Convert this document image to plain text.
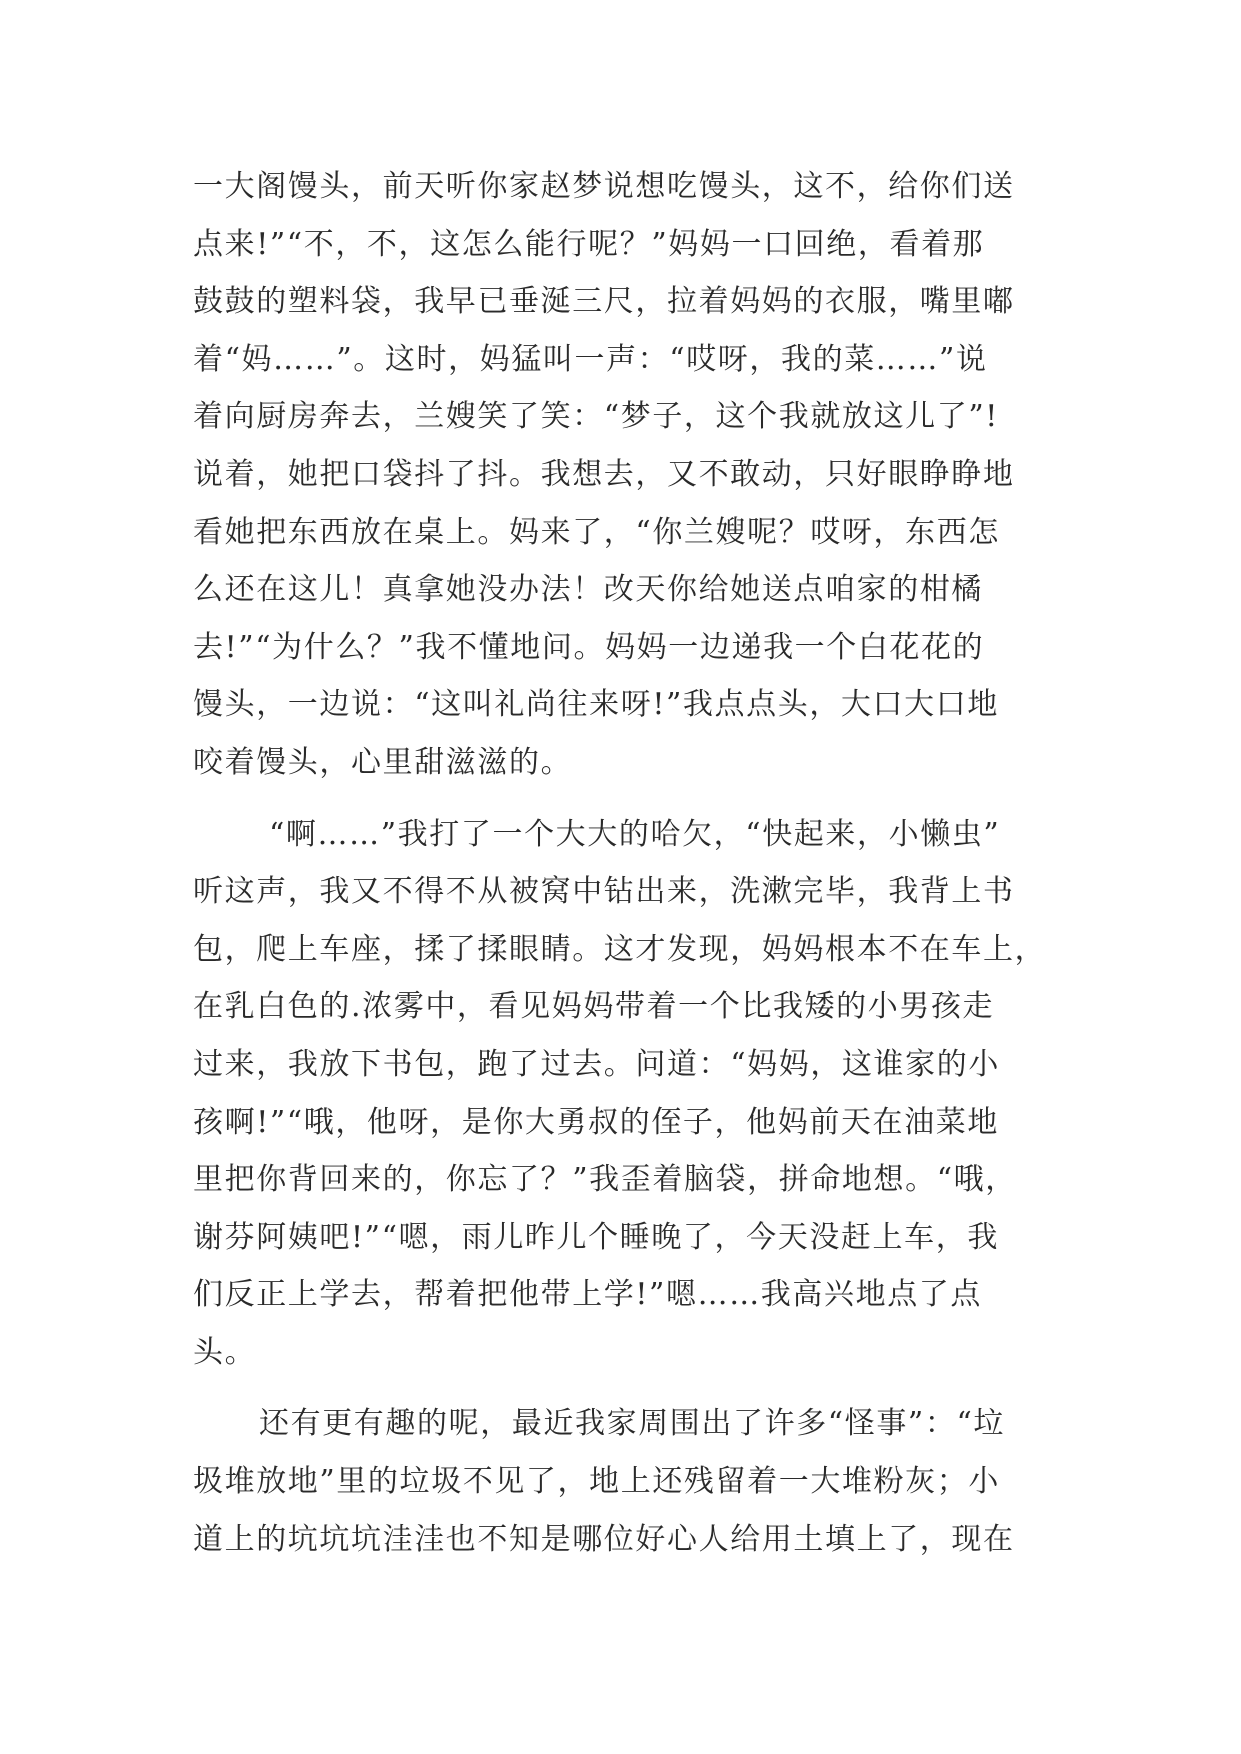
一大阁馒头，前天听你家赵梦说想吃馒头，这不，给你们送
点来!”“不，不，这怎么能行呢？”妈妈一口回绝，看着那
鼓鼓的塑料袋，我早已垂涎三尺，拉着妈妈的衣服，嘴里嘟
着“妈……”。这时，妈猛叫一声：“哎呀，我的菜……”说
着向厨房奔去，兰嫂笑了笑：“梦子，这个我就放这儿了”!
说着，她把口袋抖了抖。我想去，又不敢动，只好眼睁睁地
看她把东西放在桌上。妈来了，“你兰嫂呢？哎呀，东西怎
么还在这儿！真拿她没办法！改天你给她送点咱家的柑橘
去!”“为什么？”我不懂地问。妈妈一边递我一个白花花的
馒头，一边说：“这叫礼尚往来呀!”我点点头，大口大口地
咬着馒头，心里甜滋滋的。

“啊……”我打了一个大大的哈欠，“快起来，小懒虫”
听这声，我又不得不从被窝中钻出来，洗漱完毕，我背上书
包，爬上车座，揉了揉眼睛。这才发现，妈妈根本不在车上，
在乳白色的.浓雾中，看见妈妈带着一个比我矮的小男孩走
过来，我放下书包，跑了过去。问道：“妈妈，这谁家的小
孩啊!”“哦，他呀，是你大勇叔的侄子，他妈前天在油菜地
里把你背回来的，你忘了？”我歪着脑袋，拼命地想。“哦，
谢芬阿姨吧!”“嗯，雨儿昨儿个睡晚了，今天没赶上车，我
们反正上学去，帮着把他带上学!”嗯……我高兴地点了点
头。

还有更有趣的呢，最近我家周围出了许多“怪事”：“垃
圾堆放地”里的垃圾不见了，地上还残留着一大堆粉灰；小
道上的坑坑坑洼洼也不知是哪位好心人给用土填上了，现在
